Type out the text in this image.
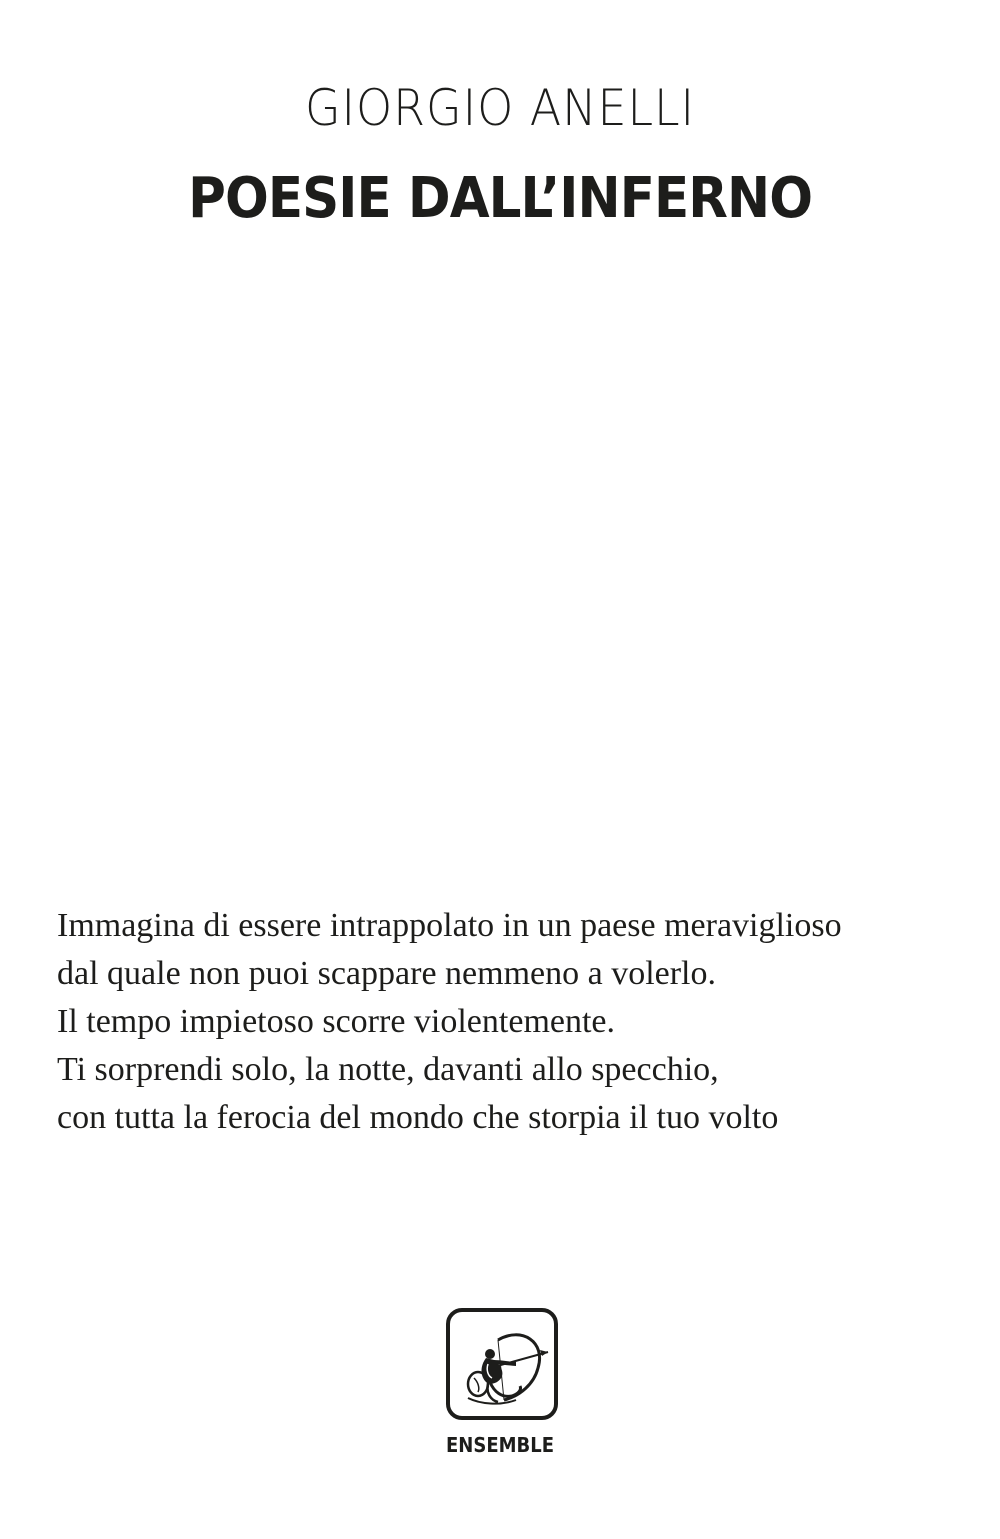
GIORGIO ANELLI
POESIE DALL’INFERNO
Immagina di essere intrappolato in un paese meraviglioso
dal quale non puoi scappare nemmeno a volerlo.
Il tempo impietoso scorre violentemente.
Ti sorprendi solo, la notte, davanti allo specchio,
con tutta la ferocia del mondo che storpia il tuo volto
ENSEMBLE
